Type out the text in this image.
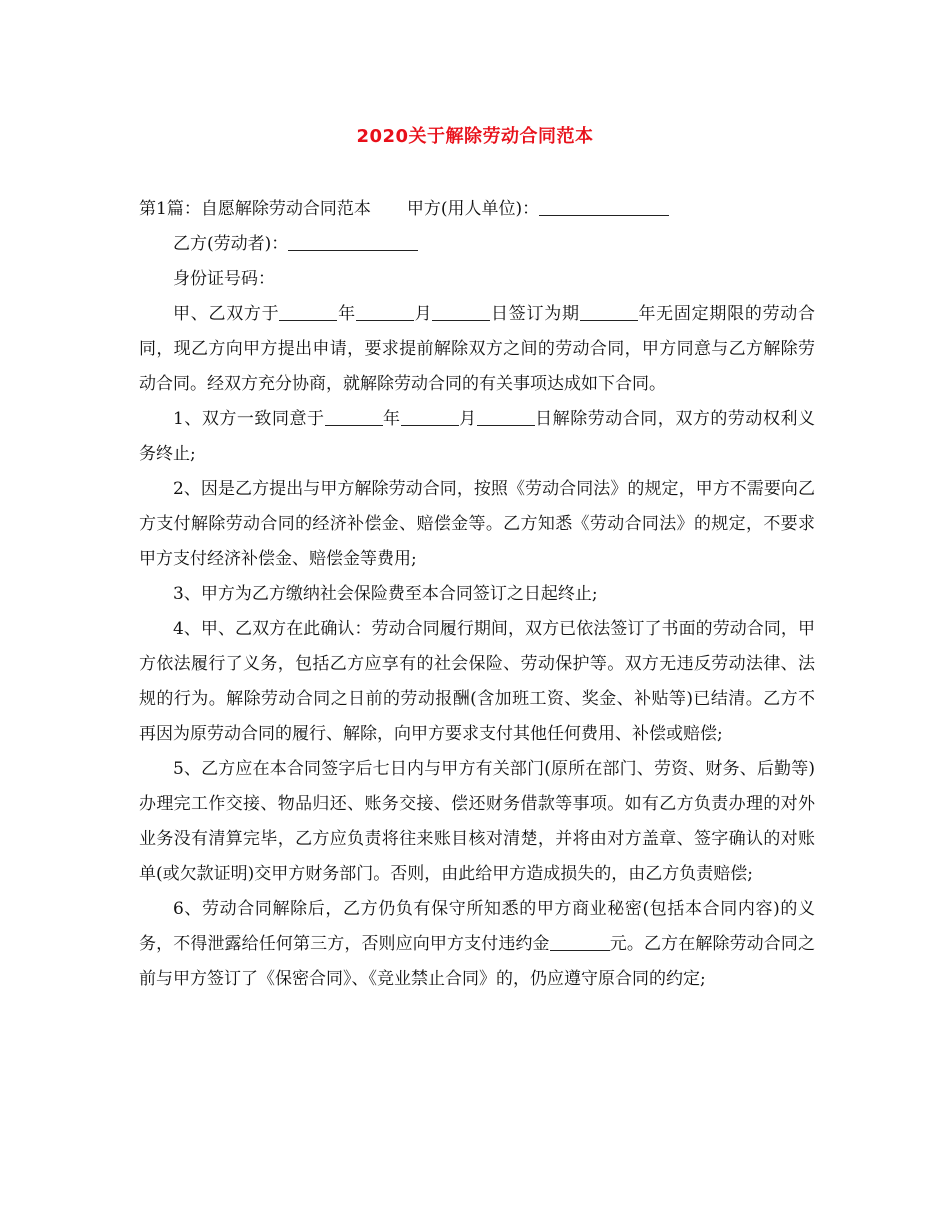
2020关于解除劳动合同范本

第1篇：自愿解除劳动合同范本 甲方(用人单位)：

乙方(劳动者)：

身份证号码：

甲、乙双方于	年	月	日签订为期	年无固定期限的劳动合同，现乙方向甲方提出申请，要求提前解除双方之间的劳动合同，甲方同意与乙方解除劳动合同。经双方充分协商，就解除劳动合同的有关事项达成如下合同。

1、双方一致同意于	年	月	日解除劳动合同，双方的劳动权利义务终止;

2、因是乙方提出与甲方解除劳动合同，按照《劳动合同法》的规定，甲方不需要向乙方支付解除劳动合同的经济补偿金、赔偿金等。乙方知悉《劳动合同法》的规定，不要求甲方支付经济补偿金、赔偿金等费用;

3、甲方为乙方缴纳社会保险费至本合同签订之日起终止;

4、甲、乙双方在此确认：劳动合同履行期间，双方已依法签订了书面的劳动合同，甲方依法履行了义务，包括乙方应享有的社会保险、劳动保护等。双方无违反劳动法律、法规的行为。解除劳动合同之日前的劳动报酬(含加班工资、奖金、补贴等)已结清。乙方不再因为原劳动合同的履行、解除，向甲方要求支付其他任何费用、补偿或赔偿;

5、乙方应在本合同签字后七日内与甲方有关部门(原所在部门、劳资、财务、后勤等)办理完工作交接、物品归还、账务交接、偿还财务借款等事项。如有乙方负责办理的对外业务没有清算完毕，乙方应负责将往来账目核对清楚，并将由对方盖章、签字确认的对账单(或欠款证明)交甲方财务部门。否则，由此给甲方造成损失的，由乙方负责赔偿;

6、劳动合同解除后，乙方仍负有保守所知悉的甲方商业秘密(包括本合同内容)的义务，不得泄露给任何第三方，否则应向甲方支付违约金	元。乙方在解除劳动合同之前与甲方签订了《保密合同》、《竞业禁止合同》的，仍应遵守原合同的约定;
